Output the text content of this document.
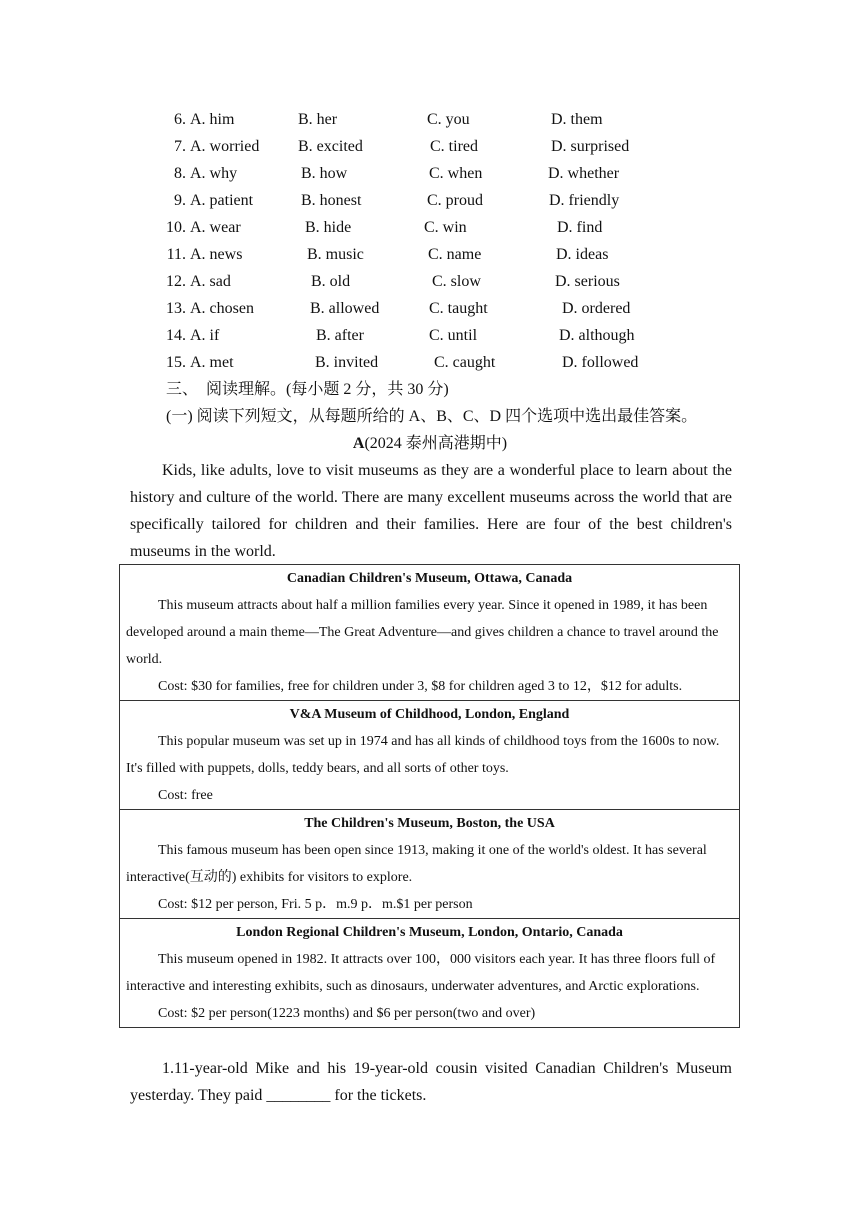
6. A. him	B. her	C. you	D. them
7. A. worried B. excited	C. tired	D. surprised
8. A. why	B. how	C. when	D. whether
9. A. patient	B. honest	C. proud	D. friendly
10. A. wear	B. hide	C. win	D. find
11. A. news	B. music	C. name	D. ideas
12. A. sad	B. old	C. slow	D. serious
13. A. chosen	B. allowed	C. taught	D. ordered
14. A. if	B. after	C. until	D. although
15. A. met	B. invited	C. caught	D. followed
三、　阅读理解。(每小题 2 分，共 30 分)
(一) 阅读下列短文，从每题所给的 A、B、C、D 四个选项中选出最佳答案。
A(2024 泰州高港期中)
Kids, like adults, love to visit museums as they are a wonderful place to learn about the history and culture of the world. There are many excellent museums across the world that are specifically tailored for children and their families. Here are four of the best children's museums in the world.
Canadian Children's Museum, Ottawa, Canada
This museum attracts about half a million families every year. Since it opened in 1989, it has been developed around a main theme—The Great Adventure—and gives children a chance to travel around the world.
Cost: $30 for families, free for children under 3, $8 for children aged 3 to 12，$12 for adults.
V&A Museum of Childhood, London, England
This popular museum was set up in 1974 and has all kinds of childhood toys from the 1600s to now.　It's filled with puppets, dolls, teddy bears, and all sorts of other toys.
Cost: free
The Children's Museum, Boston, the USA
This famous museum has been open since 1913, making it one of the world's oldest. It has several interactive(互动的) exhibits for visitors to explore.
Cost: $12 per person, Fri. 5 p．m.9 p．m.$1 per person
London Regional Children's Museum, London, Ontario, Canada
This museum opened in 1982. It attracts over 100，000 visitors each year. It has three floors full of interactive and interesting exhibits, such as dinosaurs, underwater adventures, and Arctic explorations.
Cost: $2 per person(1223 months) and $6 per person(two and over)
1.11-year-old Mike and his 19-year-old cousin visited Canadian Children's Museum yesterday. They paid ________ for the tickets.
